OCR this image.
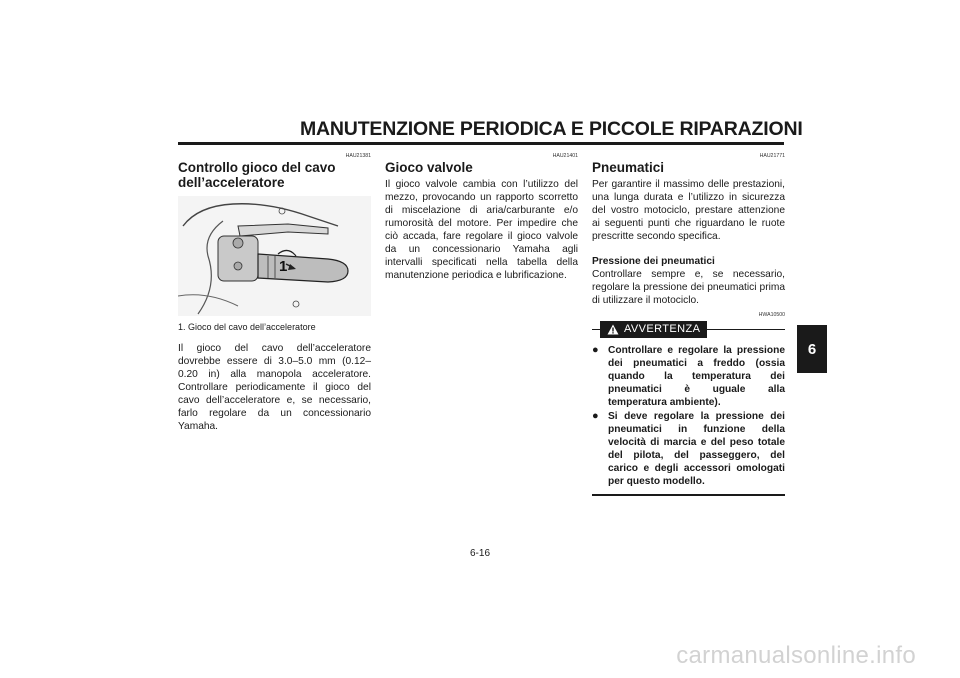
MANUTENZIONE PERIODICA E PICCOLE RIPARAZIONI
6
HAU21381
Controllo gioco del cavo dell’acceleratore
1
1. Gioco del cavo dell’acceleratore

Il gioco del cavo dell’acceleratore dovrebbe essere di 3.0–5.0 mm (0.12–0.20 in) alla manopola acceleratore. Controllare periodicamente il gioco del cavo dell’acceleratore e, se necessario, farlo regolare da un concessionario Yamaha.

HAU21401
Gioco valvole

Il gioco valvole cambia con l’utilizzo del mezzo, provocando un rapporto scorretto di miscelazione di aria/carburante e/o rumorosità del motore. Per impedire che ciò accada, fare regolare il gioco valvole da un concessionario Yamaha agli intervalli specificati nella tabella della manutenzione periodica e lubrificazione.

HAU21771
Pneumatici

Per garantire il massimo delle prestazioni, una lunga durata e l’utilizzo in sicurezza del vostro motociclo, prestare attenzione ai seguenti punti che riguardano le ruote prescritte secondo specifica.

Pressione dei pneumatici

Controllare sempre e, se necessario, regolare la pressione dei pneumatici prima di utilizzare il motociclo.

HWA10500
AVVERTENZA
● Controllare e regolare la pressione dei pneumatici a freddo (ossia quando la temperatura dei pneumatici è uguale alla temperatura ambiente).
● Si deve regolare la pressione dei pneumatici in funzione della velocità di marcia e del peso totale del pilota, del passeggero, del carico e degli accessori omologati per questo modello.
6-16
carmanualsonline.info
